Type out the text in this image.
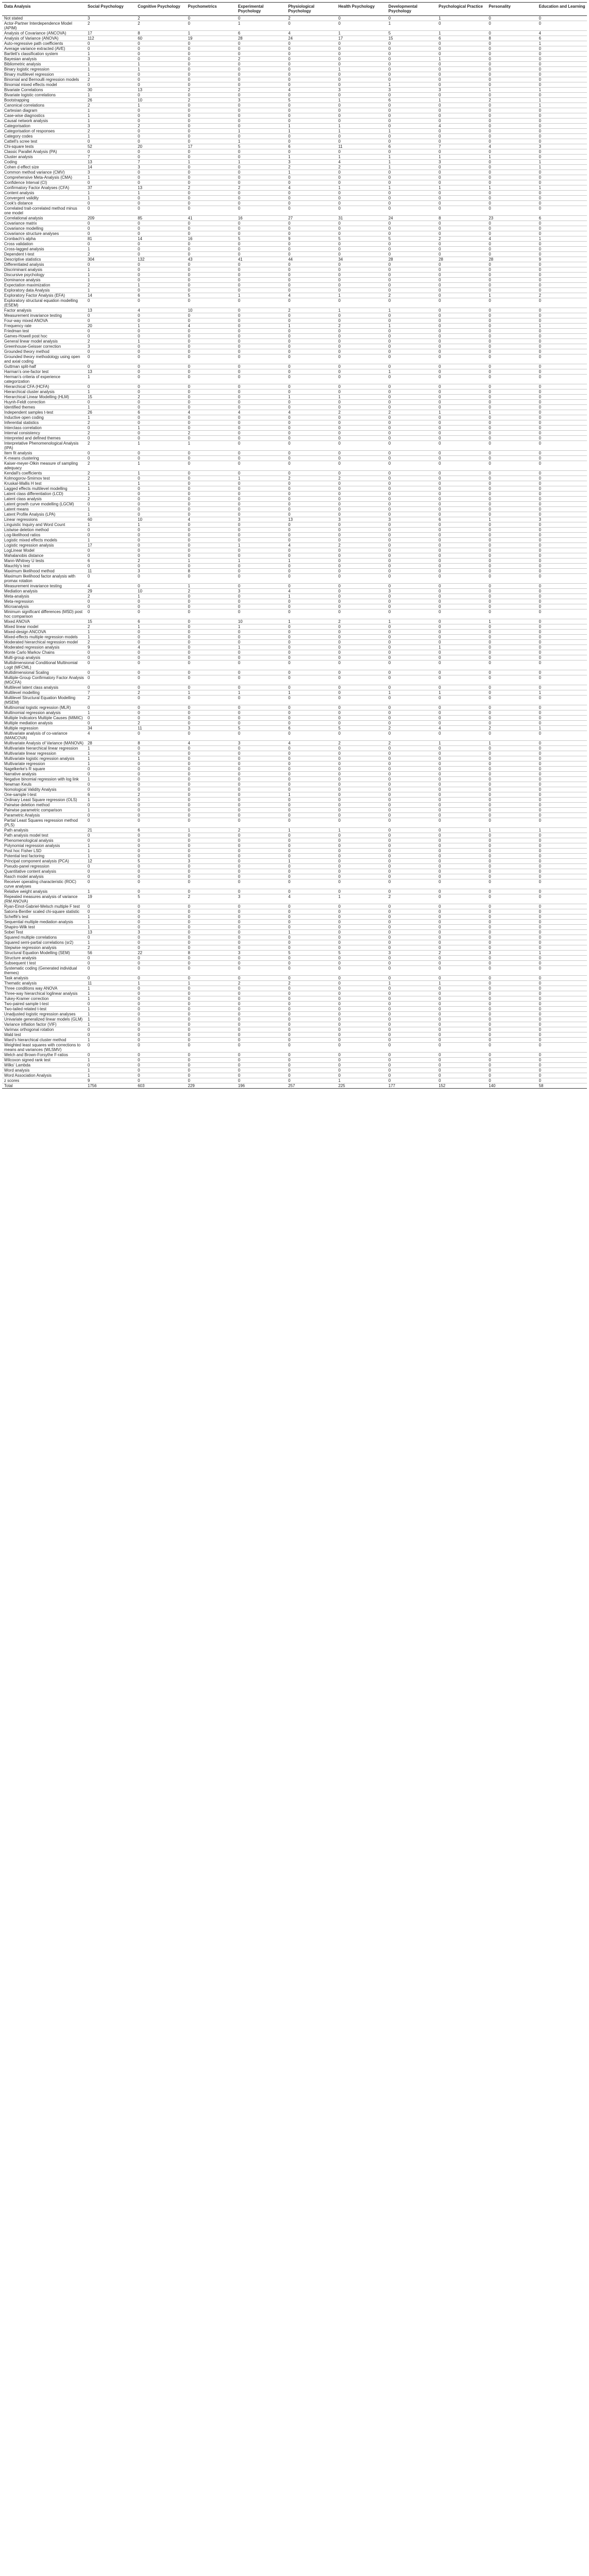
Data Analysis	Social Psychology	Cognitive Psychology	Psychometrics	Experimental Psychology	Physiological Psychology	Health Psychology	Developmental Psychology	Psychological Practice	Personality	Education and Learning
Not stated	3	2	0	0	2	0	0	1	0	0
Actor-Partner Interdependence Model (APIM)	2	2	0	1	0	0	1	0	0	0
Analysis of Covariance (ANCOVA)	17	8	1	6	4	1	5	1	0	4
Analysis of Variance (ANOVA)	112	60	19	28	24	17	15	6	8	6
Auto-regressive path coefficients	0	0	0	0	0	0	0	0	0	1
Average variance extracted (AVE)	0	0	0	0	0	0	0	0	0	0
Bartlett's classification system	1	0	0	0	0	0	0	0	0	0
Bayesian analysis	3	0	0	2	0	0	0	1	0	0
Bibliometric analysis	1	1	0	0	0	0	0	0	0	0
Binary logistic regression	1	1	0	0	0	1	0	0	0	0
Binary multilevel regression	1	0	0	0	0	0	0	0	0	0
Binomial and Bernoulli regression models	2	0	0	0	0	0	0	0	0	0
Binomial mixed effects model	0	0	0	0	0	0	1	0	0	0
Bivariate Correlations	30	13	2	2	4	3	3	3	1	1
Bivariate logistic correlations	1	0	0	0	0	0	0	0	0	0
Bootstrapping	26	10	2	3	5	1	6	1	2	1
Canonical correlations	2	1	0	0	0	0	0	0	0	1
Cartesian diagram	1	0	0	0	0	0	0	0	0	0
Case-wise diagnostics	1	0	0	0	0	0	0	0	0	0
Causal network analysis	1	0	0	0	0	0	0	0	0	0
Categorisation	3	2	0	0	1	1	0	4	0	0
Categorisation of responses	2	0	0	1	1	1	1	0	0	0
Category codes	1	0	0	0	0	0	0	0	0	0
Cattell's scree test	0	0	0	1	0	0	0	0	0	0
Chi-square tests	52	20	17	5	6	11	6	7	4	3
Classic Parallel Analysis (PA)	0	0	0	0	0	0	0	0	0	0
Cluster analysis	7	0	0	0	1	1	1	1	1	0
Coding	13	7	1	1	3	4	1	3	0	1
Cohen d effect size	14	3	0	0	2	2	1	0	0	1
Common method variance (CMV)	3	0	0	0	1	0	0	0	0	0
Comprehensive Meta-Analysis (CMA)	1	0	0	0	0	0	0	0	0	0
Confidence Interval (CI)	0	0	0	0	0	0	0	0	0	0
Confirmatory Factor Analyses (CFA)	37	13	2	2	4	1	1	1	1	1
Content analysis	1	1	0	0	0	0	0	0	0	0
Convergent validity	1	0	0	0	0	0	0	0	0	0
Cook's distance	0	0	0	0	0	0	0	0	0	0
Correlated trait-correlated method minus one model	0	0	0	0	0	0	0	0	0	0
Correlational analysis	209	85	41	16	27	31	24	8	23	6
Covariance matrix	0	0	0	0	0	0	0	0	0	0
Covariance modelling	0	0	0	0	0	0	0	0	0	0
Covariance structure analyses	0	0	0	0	0	0	0	0	0	0
Cronbach's alpha	81	14	16	5	9	5	5	2	4	1
Cross validation	0	0	0	0	0	0	0	0	0	0
Cross-lagged analysis	1	0	0	0	0	0	0	0	0	0
Dependent t-test	2	0	0	0	0	0	0	0	0	0
Descriptive statistics	304	132	43	41	44	34	28	28	28	9
Differentiated analysis	0	0	0	0	0	0	0	0	0	0
Discriminant analysis	1	0	0	0	0	0	0	0	0	0
Discursive psychology	1	0	0	0	0	0	0	0	0	0
Dominance analysis	1	0	0	0	0	0	0	0	0	0
Expectation maximization	2	1	0	0	0	0	0	0	0	0
Exploratory data Analysis	1	0	0	0	0	0	0	0	0	0
Exploratory Factor Analysis (EFA)	14	6	5	1	4	1	2	0	1	2
Exploratory structural equation modelling (ESEM)	0	0	0	0	0	0	0	0	0	0
Factor analysis	13	4	10	0	2	1	1	0	0	0
Measurement invariance testing	0	0	0	0	0	0	0	0	0	0
Four-way mixed ANOVA	0	0	0	0	0	0	0	0	0	0
Frequency rate	20	1	4	0	1	2	1	0	0	1
Friedman test	0	0	0	0	0	0	0	0	0	0
Games-Howell post hoc	0	0	0	0	0	0	0	0	0	0
General linear model analysis	2	1	0	0	0	0	0	0	0	0
Greenhouse-Geisser correction	3	0	0	0	0	0	0	0	0	0
Grounded theory method	0	0	0	0	0	0	0	0	0	0
Grounded theory methodology using open and axial coding	0	0	0	0	0	0	0	0	0	0
Guttman split-half	0	0	0	0	0	0	0	0	0	0
Harman's one-factor test	13	0	0	0	0	0	1	0	0	0
Herman's criteria of experience categorization	1	0	0	0	0	0	0	0	0	0
Hierarchical CFA (HCFA)	0	0	0	0	0	0	0	0	0	0
Hierarchical cluster analysis	1	0	0	0	0	0	0	0	0	0
Hierarchical Linear Modelling (HLM)	15	2	0	0	1	1	0	0	0	0
Huynh-Feldt correction	0	0	0	0	0	0	0	0	0	0
Identified themes	1	0	0	0	0	0	0	0	0	0
Independent samples t-test	26	6	4	4	4	2	2	1	1	0
Inductive open coding	1	0	0	0	0	0	0	0	0	0
Inferential statistics	2	0	0	0	0	0	0	0	0	0
Interclass correlation	0	1	0	0	0	0	0	0	0	0
Internal consistency	2	0	2	0	0	0	0	0	0	0
Interpreted and defined themes	0	0	0	0	0	0	0	0	0	0
Interpretative Phenomenological Analysis (IPA)	2	1	1	0	0	0	0	0	0	0
Item fit analysis	0	0	0	0	0	0	0	0	0	0
K-means clustering	0	0	0	0	0	0	0	0	0	0
Kaiser-meyer-Olkin measure of sampling adequacy	2	1	0	0	0	0	0	0	0	0
Kendall's coefficients	2	1	0	0	0	0	0	0	0	0
Kolmogorov-Smirnov test	2	0	0	1	2	2	0	0	0	0
Kruskal-Wallis H test	1	1	0	0	0	0	0	0	0	0
Lagged effects multilevel modelling	1	0	0	0	0	0	0	0	0	0
Latent class differentiation (LCD)	1	0	0	0	0	0	0	0	0	0
Latent class analysis	2	0	0	0	0	0	0	0	0	0
Latent growth curve modelling (LGCM)	0	0	0	0	0	0	0	0	0	0
Latent means	1	0	0	0	0	0	0	0	0	0
Latent Profile Analysis (LPA)	1	0	0	0	0	0	0	0	0	0
Linear regressions	60	10	4	3	13	3	3	6	1	3
Linguistic Inquiry and Word Count	1	1	0	0	0	0	0	0	0	0
Listwise deletion method	0	0	0	0	0	0	0	0	0	0
Log-likelihood ratios	0	0	0	0	0	0	0	0	0	0
Logistic mixed effects models	1	0	0	0	0	0	0	0	0	0
Logistic regression analysis	17	0	0	1	4	2	0	0	0	0
LogLinear Model	0	0	0	0	0	0	0	0	0	0
Mahalanobis distance	0	0	0	0	0	0	0	0	0	0
Mann-Whitney U tests	6	2	1	1	1	0	0	0	0	0
Mauchly's test	0	0	0	0	0	0	0	0	0	0
Maximum likelihood method	11	3	8	0	0	0	0	0	0	0
Maximum likelihood factor analysis with promax rotation	0	0	0	0	0	0	0	0	0	0
Measurement invariance testing	4	0	1	0	0	0	0	0	0	0
Mediation analysis	29	10	2	3	4	0	3	0	0	0
Meta-analysis	2	1	0	0	1	0	0	0	0	0
Meta-regression	0	0	0	0	0	0	0	0	0	0
Microanalysis	0	0	0	0	0	0	0	0	0	0
Minimum significant differences (MSD) post hoc comparison	0	0	0	0	0	0	0	0	0	0
Mixed ANOVA	15	6	0	10	1	2	1	0	1	0
Mixed linear model	2	1	0	1	0	0	0	0	0	0
Mixed-design ANCOVA	1	0	0	0	0	0	0	0	0	0
Mixed-effects multiple regression models	1	0	0	0	0	0	0	0	0	0
Moderated hierarchical regression model	2	0	0	0	0	0	0	0	0	0
Moderated regression analysis	9	4	0	1	0	0	0	1	0	0
Monte Carlo Markov Chains	0	0	0	0	0	0	0	0	0	0
Multi-group analysis	0	0	0	0	0	0	0	0	0	0
Multidimensional Conditional Multinomial Logit (MFCML)	0	0	0	0	0	0	0	0	0	0
Multidimensional Scaling	0	0	0	0	0	0	0	0	0	0
Multiple-Group Confirmatory Factor Analysis (MGCFA)	0	0	0	0	0	0	0	0	0	0
Multilevel latent class analysis	0	0	0	0	0	0	0	0	0	0
Multilevel modelling	7	2	1	1	1	0	1	1	0	1
Multilevel Structural Equation Modelling (MSEM)	2	0	0	0	0	0	0	0	0	0
Multinomial logistic regression (MLR)	0	0	0	0	0	0	0	0	0	0
Multinomial regression analysis	1	0	0	0	0	0	0	0	0	0
Multiple Indicators Multiple Causes (MIMIC)	0	0	0	0	0	0	0	0	0	0
Multiple mediation analysis	0	2	0	0	0	0	0	0	0	0
Multiple regression	34	11	3	5	6	5	2	4	2	1
Multivariate analysis of co-variance (MANCOVA)	4	0	0	0	0	0	0	0	0	0
Multivariate Analysis of Variance (MANOVA)	28	8	4	3	4	2	2	1	1	0
Multivariate hierarchical linear regression	1	0	0	0	0	0	0	0	0	0
Multivariate linear regression	1	0	0	0	0	0	0	0	0	0
Multivariate logistic regression analysis	1	1	0	0	0	0	0	0	0	0
Multivariate regression	1	0	0	0	0	0	0	0	0	0
Nagelkerke's R square	0	0	0	0	0	0	0	0	0	0
Narrative analysis	0	0	0	0	0	0	0	0	0	0
Negative binomial regression with log link	1	0	0	0	0	0	0	0	0	0
Newman Keuls	0	0	0	0	0	0	0	0	0	0
Nomological Validity Analysis	0	0	0	0	0	0	0	0	0	0
One-sample t-test	6	2	0	0	1	0	0	0	0	0
Ordinary Least Square regression (OLS)	1	0	0	0	0	0	0	0	0	0
Pairwise deletion method	0	0	0	0	0	0	0	0	0	0
Pairwise parametric comparison	1	0	0	0	0	0	0	0	0	0
Parametric Analysis	0	0	0	0	0	0	0	0	0	0
Partial Least Squares regression method (PLS)	0	0	0	0	0	0	0	0	0	0
Path analysis	21	6	1	2	1	1	0	0	1	1
Path analysis model test	0	0	0	0	0	0	0	0	0	0
Phenomenological analysis	0	0	0	0	0	0	0	0	0	0
Polynomial regression analysis	1	0	0	0	0	0	0	0	0	0
Post hoc Fisher LSD	1	0	0	0	0	0	0	0	0	0
Potential test factoring	1	0	0	0	0	0	0	0	0	0
Principal component analysis (PCA)	12	5	3	0	1	0	0	0	0	0
Pseudo-panel regression	0	0	0	0	0	0	0	0	0	0
Quantitative content analysis	0	0	0	0	0	0	0	0	0	0
Rasch model analysis	0	0	0	0	0	0	0	0	0	0
Receiver operating characteristic (ROC) curve analyses	0	0	0	0	0	0	0	0	0	0
Relative weight analysis	1	0	0	0	0	0	0	0	0	0
Repeated measures analysis of variance (RM ANOVA)	19	5	2	3	4	1	2	0	0	0
Ryan-Einot-Gabriel-Welsch multiple F test	0	0	0	0	0	0	0	0	0	0
Satorra-Bentler scaled chi-square statistic	0	0	0	0	0	0	0	0	0	0
Scheffé's test	1	0	0	0	0	0	0	0	0	0
Sequential multiple mediation analysis	1	0	0	0	0	0	0	0	0	0
Shapiro-Wilk test	1	0	0	0	0	0	0	0	0	0
Sobel Test	13	3	0	0	1	0	0	0	0	0
Squared multiple correlations	0	0	0	0	0	0	0	0	0	0
Squared semi-partial correlations (sr2)	1	0	0	0	0	0	0	0	0	0
Stepwise regression analysis	2	0	0	0	0	0	0	0	0	0
Structural Equation Modelling (SEM)	56	22	8	3	5	5	3	2	3	1
Structure analysis	0	0	0	0	0	0	0	0	0	0
Subsequent t test	0	0	0	0	0	0	0	0	0	0
Systematic coding (Generated individual themes)	0	0	0	0	0	0	0	0	0	0
Task analysis	0	0	0	0	0	0	0	0	0	0
Thematic analysis	11	1	1	2	2	0	1	1	0	0
Three conditions way ANOVA	1	0	0	0	0	0	0	0	0	0
Three-way hierarchical loglinear analysis	1	0	0	0	0	0	0	0	0	0
Tukey-Kramer correction	1	0	0	0	0	0	0	0	0	0
Two-paired sample t-test	0	0	0	0	0	0	0	0	0	0
Two-tailed related t-test	1	0	0	0	0	0	0	0	0	0
Unadjusted logistic regression analyses	1	0	0	0	0	0	0	0	0	0
Univariate generalized linear models (GLM)	1	0	0	0	0	0	0	0	0	0
Variance inflation factor (VIF)	1	0	0	0	0	0	0	0	0	0
Varimax orthogonal rotation	0	0	0	0	0	0	0	0	0	0
Wald test	0	0	0	0	0	0	0	0	0	0
Ward's hierarchical cluster method	1	0	0	0	0	0	0	0	0	0
Weighted least squares with corrections to means and variances (WLSMV)	0	0	0	0	0	0	0	0	0	0
Welch and Brown-Forsythe F-ratios	0	0	0	0	0	0	0	0	0	0
Wilcoxon signed rank test	1	0	0	0	0	0	0	0	0	0
Wilks' Lambda	0	0	0	0	0	0	0	0	0	0
Word analysis	1	0	0	0	0	0	0	0	0	0
Word Association Analysis	1	0	0	0	0	0	0	0	0	0
z scores	9	0	0	0	0	1	0	0	0	0
Total	1756	603	229	196	257	225	177	152	140	58
